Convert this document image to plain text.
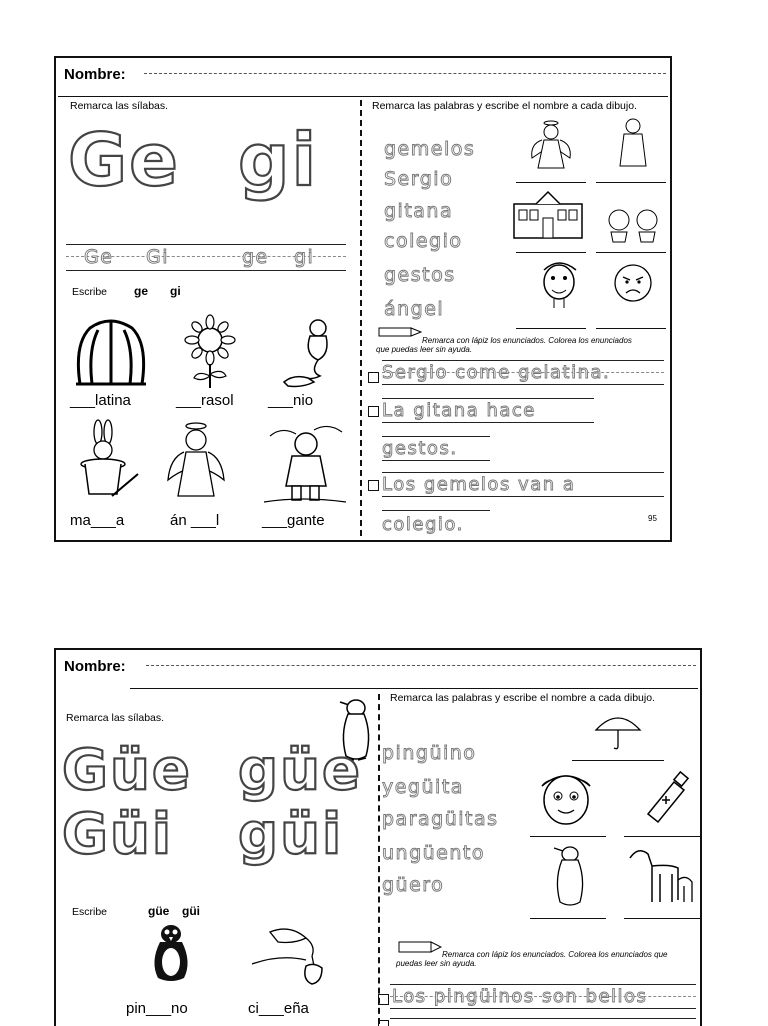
Nombre:
Remarca las sílabas.
Ge gi
Ge Gi	ge gi
Escribe ge gi
___latina	___rasol ___nio
ma___a	án ___l	___gante
Remarca las palabras y escribe el nombre a cada dibujo.
gemelos
Sergio
gitana
colegio
gestos
ángel
Remarca con lápiz los enunciados. Colorea los enunciados que puedas leer sin ayuda.
Sergio come gelatina.
La gitana hace
gestos.
Los gemelos van a
colegio.	95
Nombre:
Remarca las sílabas.
Güe güe
Güi güi
Escribe	güe güi
pin___no	ci___eña
Remarca las palabras y escribe el nombre a cada dibujo.
pingüino
yegüita
paragüitas
ungüento
güero
Remarca con lápiz los enunciados. Colorea los enunciados que puedas leer sin ayuda.
Los pingüinos son bellos
